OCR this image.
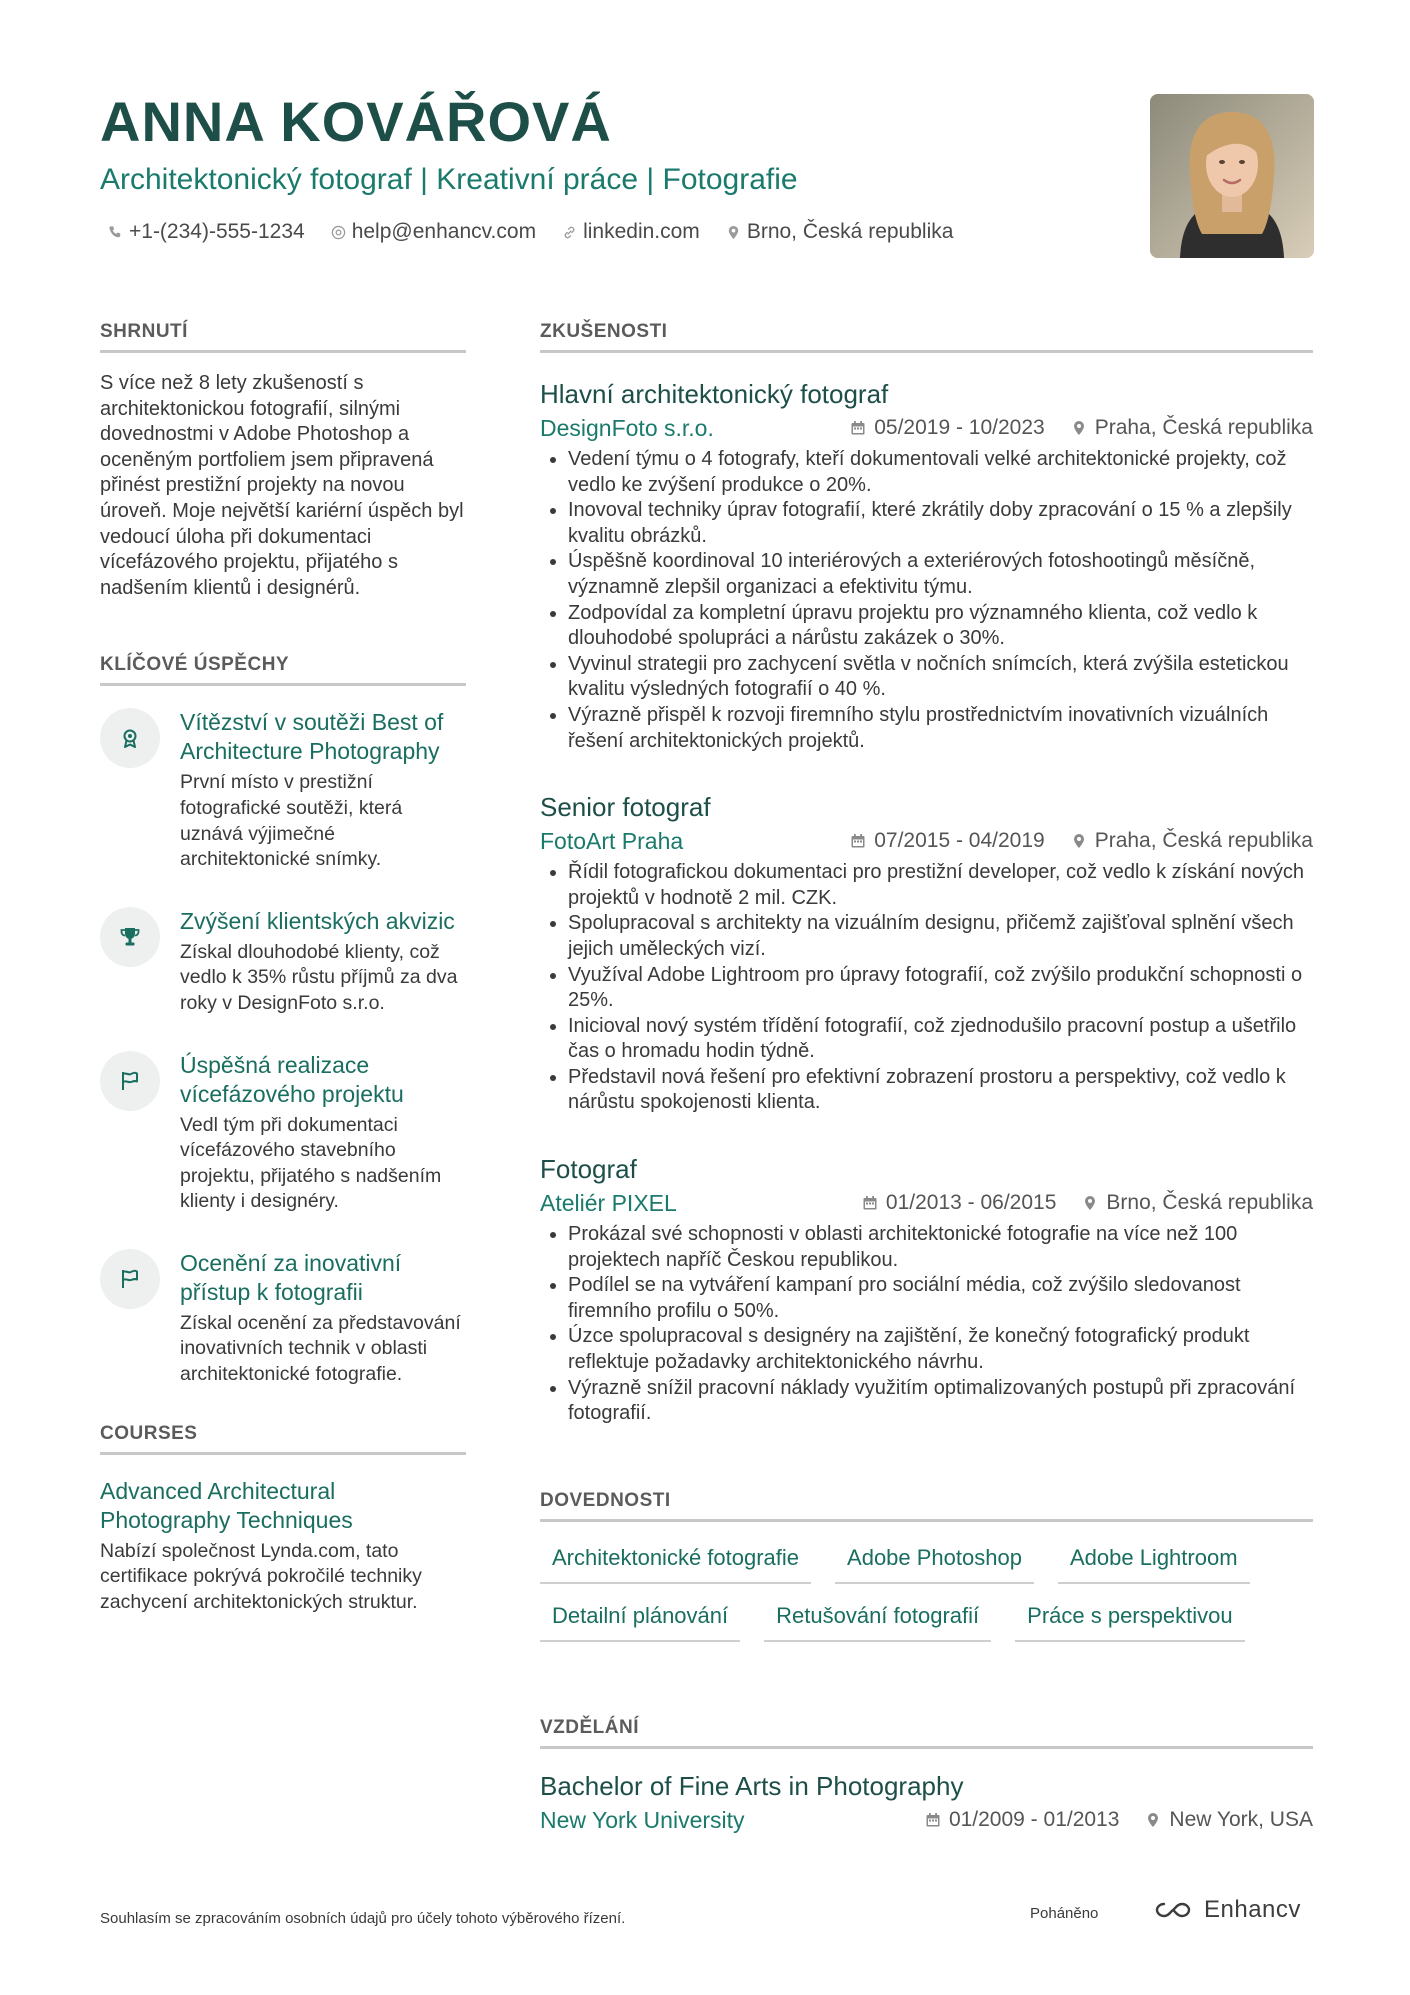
ANNA KOVÁŘOVÁ
Architektonický fotograf | Kreativní práce | Fotografie
+1-(234)-555-1234 help@enhancv.com linkedin.com Brno, Česká republika
SHRNUTÍ
S více než 8 lety zkušeností s architektonickou fotografií, silnými dovednostmi v Adobe Photoshop a oceněným portfoliem jsem připravená přinést prestižní projekty na novou úroveň. Moje největší kariérní úspěch byl vedoucí úloha při dokumentaci vícefázového projektu, přijatého s nadšením klientů i designérů.
KLÍČOVÉ ÚSPĚCHY
Vítězství v soutěži Best of Architecture Photography
První místo v prestižní fotografické soutěži, která uznává výjimečné architektonické snímky.
Zvýšení klientských akvizic
Získal dlouhodobé klienty, což vedlo k 35% růstu příjmů za dva roky v DesignFoto s.r.o.
Úspěšná realizace vícefázového projektu
Vedl tým při dokumentaci vícefázového stavebního projektu, přijatého s nadšením klienty i designéry.
Ocenění za inovativní přístup k fotografii
Získal ocenění za představování inovativních technik v oblasti architektonické fotografie.
COURSES
Advanced Architectural Photography Techniques
Nabízí společnost Lynda.com, tato certifikace pokrývá pokročilé techniky zachycení architektonických struktur.
ZKUŠENOSTI
Hlavní architektonický fotograf
DesignFoto s.r.o.	05/2019 - 10/2023 Praha, Česká republika
• Vedení týmu o 4 fotografy, kteří dokumentovali velké architektonické projekty, což vedlo ke zvýšení produkce o 20%.
• Inovoval techniky úprav fotografií, které zkrátily doby zpracování o 15 % a zlepšily kvalitu obrázků.
• Úspěšně koordinoval 10 interiérových a exteriérových fotoshootingů měsíčně, významně zlepšil organizaci a efektivitu týmu.
• Zodpovídal za kompletní úpravu projektu pro významného klienta, což vedlo k dlouhodobé spolupráci a nárůstu zakázek o 30%.
• Vyvinul strategii pro zachycení světla v nočních snímcích, která zvýšila estetickou kvalitu výsledných fotografií o 40 %.
• Výrazně přispěl k rozvoji firemního stylu prostřednictvím inovativních vizuálních řešení architektonických projektů.
Senior fotograf
FotoArt Praha	07/2015 - 04/2019 Praha, Česká republika
• Řídil fotografickou dokumentaci pro prestižní developer, což vedlo k získání nových projektů v hodnotě 2 mil. CZK.
• Spolupracoval s architekty na vizuálním designu, přičemž zajišťoval splnění všech jejich uměleckých vizí.
• Využíval Adobe Lightroom pro úpravy fotografií, což zvýšilo produkční schopnosti o 25%.
• Inicioval nový systém třídění fotografií, což zjednodušilo pracovní postup a ušetřilo čas o hromadu hodin týdně.
• Představil nová řešení pro efektivní zobrazení prostoru a perspektivy, což vedlo k nárůstu spokojenosti klienta.
Fotograf
Ateliér PIXEL	01/2013 - 06/2015 Brno, Česká republika
• Prokázal své schopnosti v oblasti architektonické fotografie na více než 100 projektech napříč Českou republikou.
• Podílel se na vytváření kampaní pro sociální média, což zvýšilo sledovanost firemního profilu o 50%.
• Úzce spolupracoval s designéry na zajištění, že konečný fotografický produkt reflektuje požadavky architektonického návrhu.
• Výrazně snížil pracovní náklady využitím optimalizovaných postupů při zpracování fotografií.
DOVEDNOSTI
Architektonické fotografie	Adobe Photoshop	Adobe Lightroom
Detailní plánování	Retušování fotografií	Práce s perspektivou
VZDĚLÁNÍ
Bachelor of Fine Arts in Photography
New York University	01/2009 - 01/2013 New York, USA
Souhlasím se zpracováním osobních údajů pro účely tohoto výběrového řízení.	Poháněno	Enhancv
